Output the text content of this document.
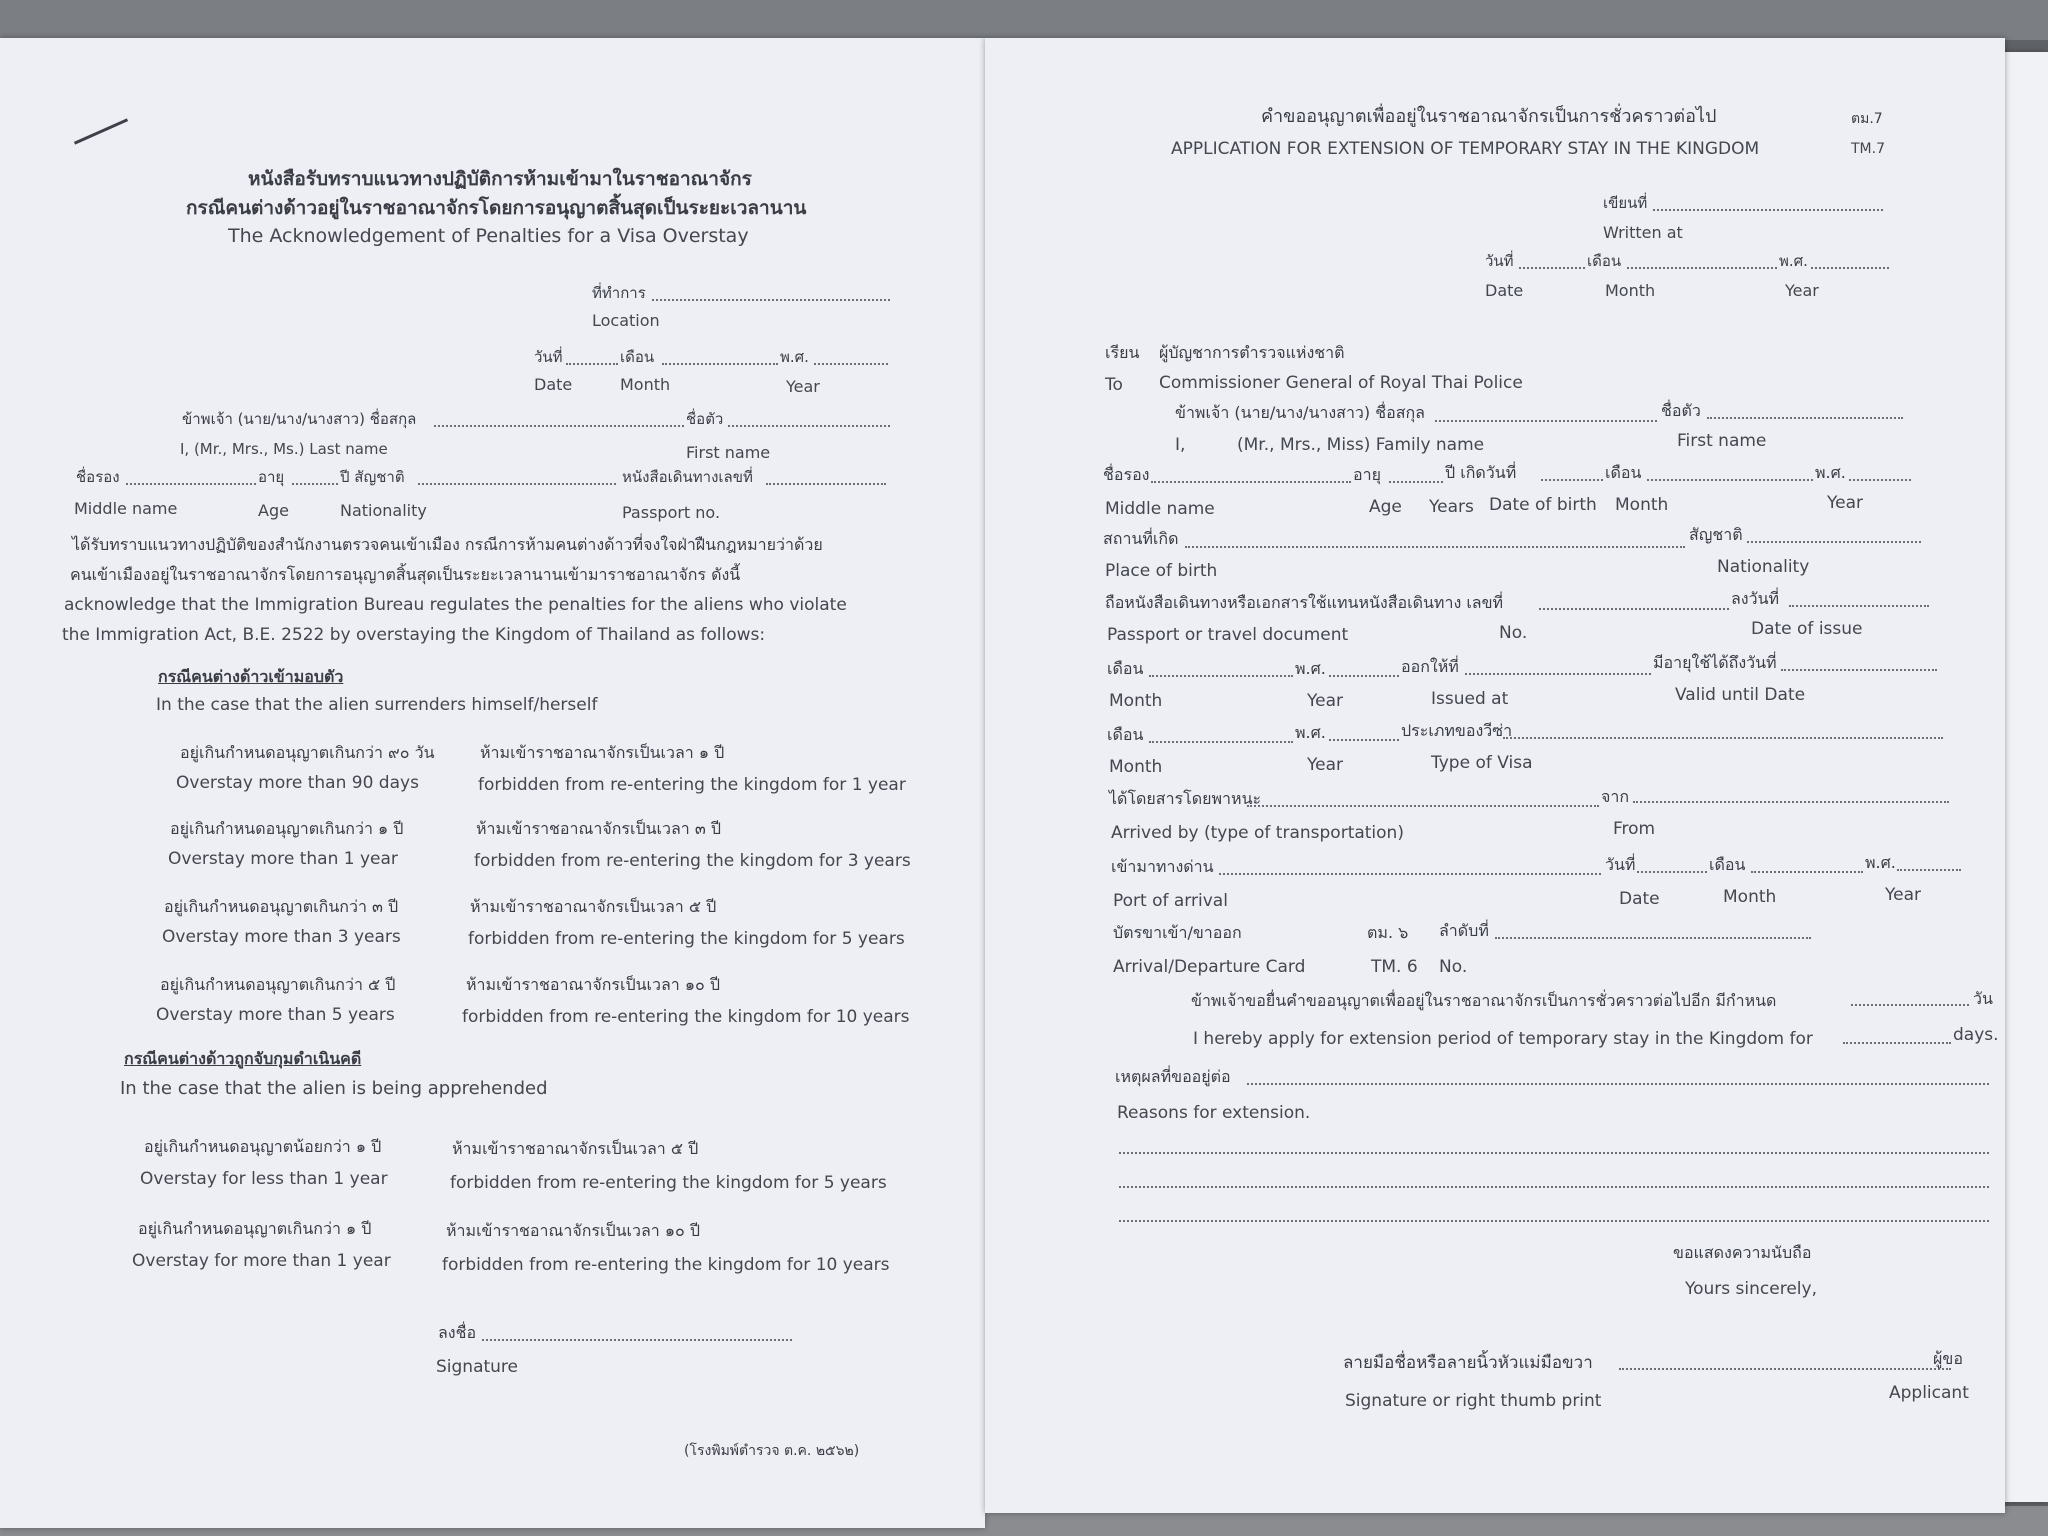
หนังสือรับทราบแนวทางปฏิบัติการห้ามเข้ามาในราชอาณาจักร
กรณีคนต่างด้าวอยู่ในราชอาณาจักรโดยการอนุญาตสิ้นสุดเป็นระยะเวลานาน
The Acknowledgement of Penalties for a Visa Overstay
ที่ทำการ
Location
วันที่	เดือน	พ.ศ.
Date	Month	Year
ข้าพเจ้า (นาย/นาง/นางสาว) ชื่อสกุล	ชื่อตัว
I, (Mr., Mrs., Ms.) Last name	First name
ชื่อรอง	อายุ	ปี สัญชาติ	หนังสือเดินทางเลขที่
Middle name	Age	Nationality	Passport no.
ได้รับทราบแนวทางปฏิบัติของสำนักงานตรวจคนเข้าเมือง กรณีการห้ามคนต่างด้าวที่จงใจฝ่าฝืนกฎหมายว่าด้วย
คนเข้าเมืองอยู่ในราชอาณาจักรโดยการอนุญาตสิ้นสุดเป็นระยะเวลานานเข้ามาราชอาณาจักร ดังนี้
acknowledge that the Immigration Bureau regulates the penalties for the aliens who violate
the Immigration Act, B.E. 2522 by overstaying the Kingdom of Thailand as follows:
กรณีคนต่างด้าวเข้ามอบตัว
In the case that the alien surrenders himself/herself
อยู่เกินกำหนดอนุญาตเกินกว่า ๙๐ วัน	ห้ามเข้าราชอาณาจักรเป็นเวลา ๑ ปี
Overstay more than 90 days	forbidden from re-entering the kingdom for 1 year
อยู่เกินกำหนดอนุญาตเกินกว่า ๑ ปี	ห้ามเข้าราชอาณาจักรเป็นเวลา ๓ ปี
Overstay more than 1 year	forbidden from re-entering the kingdom for 3 years
อยู่เกินกำหนดอนุญาตเกินกว่า ๓ ปี	ห้ามเข้าราชอาณาจักรเป็นเวลา ๕ ปี
Overstay more than 3 years	forbidden from re-entering the kingdom for 5 years
อยู่เกินกำหนดอนุญาตเกินกว่า ๕ ปี	ห้ามเข้าราชอาณาจักรเป็นเวลา ๑๐ ปี
Overstay more than 5 years	forbidden from re-entering the kingdom for 10 years
กรณีคนต่างด้าวถูกจับกุมดำเนินคดี
In the case that the alien is being apprehended
อยู่เกินกำหนดอนุญาตน้อยกว่า ๑ ปี	ห้ามเข้าราชอาณาจักรเป็นเวลา ๕ ปี
Overstay for less than 1 year	forbidden from re-entering the kingdom for 5 years
อยู่เกินกำหนดอนุญาตเกินกว่า ๑ ปี	ห้ามเข้าราชอาณาจักรเป็นเวลา ๑๐ ปี
Overstay for more than 1 year	forbidden from re-entering the kingdom for 10 years
ลงชื่อ
Signature
(โรงพิมพ์ตำรวจ ต.ค. ๒๕๖๒)
คำขออนุญาตเพื่ออยู่ในราชอาณาจักรเป็นการชั่วคราวต่อไป	ตม.7
APPLICATION FOR EXTENSION OF TEMPORARY STAY IN THE KINGDOM	TM.7
เขียนที่
Written at
วันที่	เดือน	พ.ศ.
Date	Month	Year
เรียน ผู้บัญชาการตำรวจแห่งชาติ
To Commissioner General of Royal Thai Police
ข้าพเจ้า (นาย/นาง/นางสาว) ชื่อสกุล	ชื่อตัว
I,	(Mr., Mrs., Miss) Family name	First name
ชื่อรอง	อายุ	ปี เกิดวันที่	เดือน	พ.ศ.
Middle name	Age Years Date of birth Month	Year
สถานที่เกิด	สัญชาติ
Place of birth	Nationality
ถือหนังสือเดินทางหรือเอกสารใช้แทนหนังสือเดินทาง เลขที่	ลงวันที่
Passport or travel document	No.	Date of issue
เดือน	พ.ศ.	ออกให้ที่	มีอายุใช้ได้ถึงวันที่
Month	Year	Issued at	Valid until Date
เดือน	พ.ศ.	ประเภทของวีซ่า
Month	Year	Type of Visa
ได้โดยสารโดยพาหนะ	จาก
Arrived by (type of transportation)	From
เข้ามาทางด่าน	วันที่	เดือน	พ.ศ.
Port of arrival	Date	Month	Year
บัตรขาเข้า/ขาออก	ตม. ๖ ลำดับที่
Arrival/Departure Card	TM. 6 No.
ข้าพเจ้าขอยื่นคำขออนุญาตเพื่ออยู่ในราชอาณาจักรเป็นการชั่วคราวต่อไปอีก มีกำหนด	วัน
I hereby apply for extension period of temporary stay in the Kingdom for	days.
เหตุผลที่ขออยู่ต่อ
Reasons for extension.
ขอแสดงความนับถือ
Yours sincerely,
ลายมือชื่อหรือลายนิ้วหัวแม่มือขวา	ผู้ขอ
Signature or right thumb print	Applicant
